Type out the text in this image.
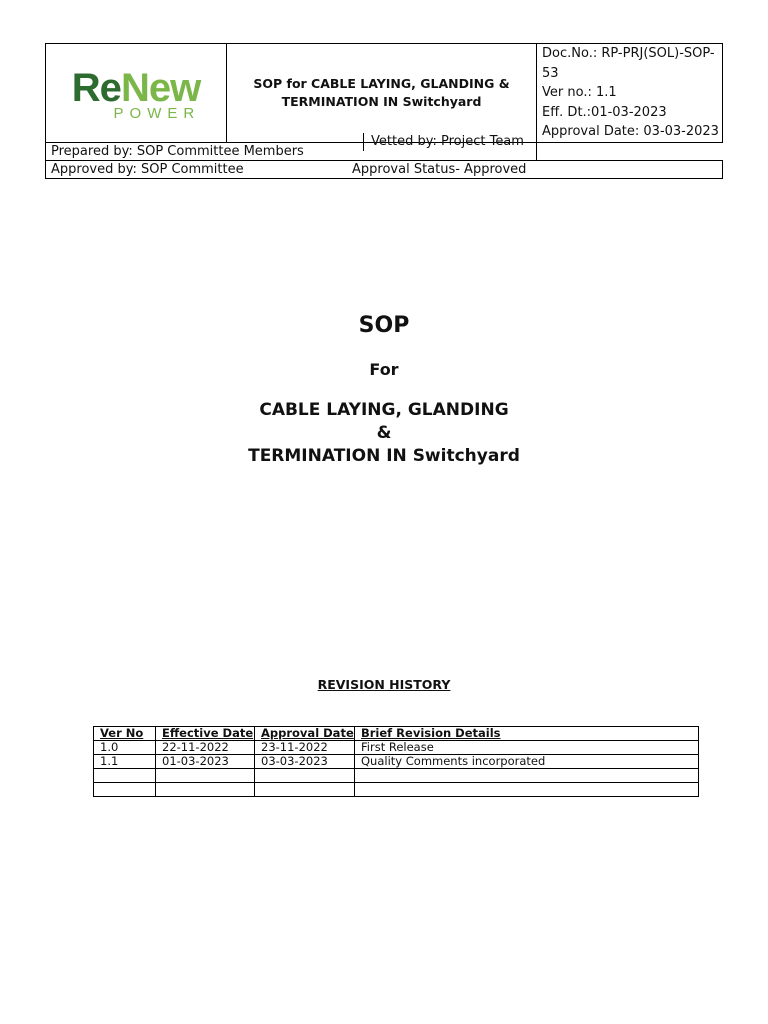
ReNew
POWER

SOP for CABLE LAYING, GLANDING &
TERMINATION IN Switchyard

Doc.No.: RP-PRJ(SOL)-SOP-53
Ver no.: 1.1
Eff. Dt.:01-03-2023
Approval Date: 03-03-2023

Prepared by: SOP Committee Members

Approved by: SOP Committee	Approval Status- Approved
Vetted by: Project Team
SOP
For
CABLE LAYING, GLANDING
&
TERMINATION IN Switchyard
REVISION HISTORY
Ver No	Effective Date	Approval Date	Brief Revision Details
1.0	22-11-2022	23-11-2022	First Release
1.1	01-03-2023	03-03-2023	Quality Comments incorporated
